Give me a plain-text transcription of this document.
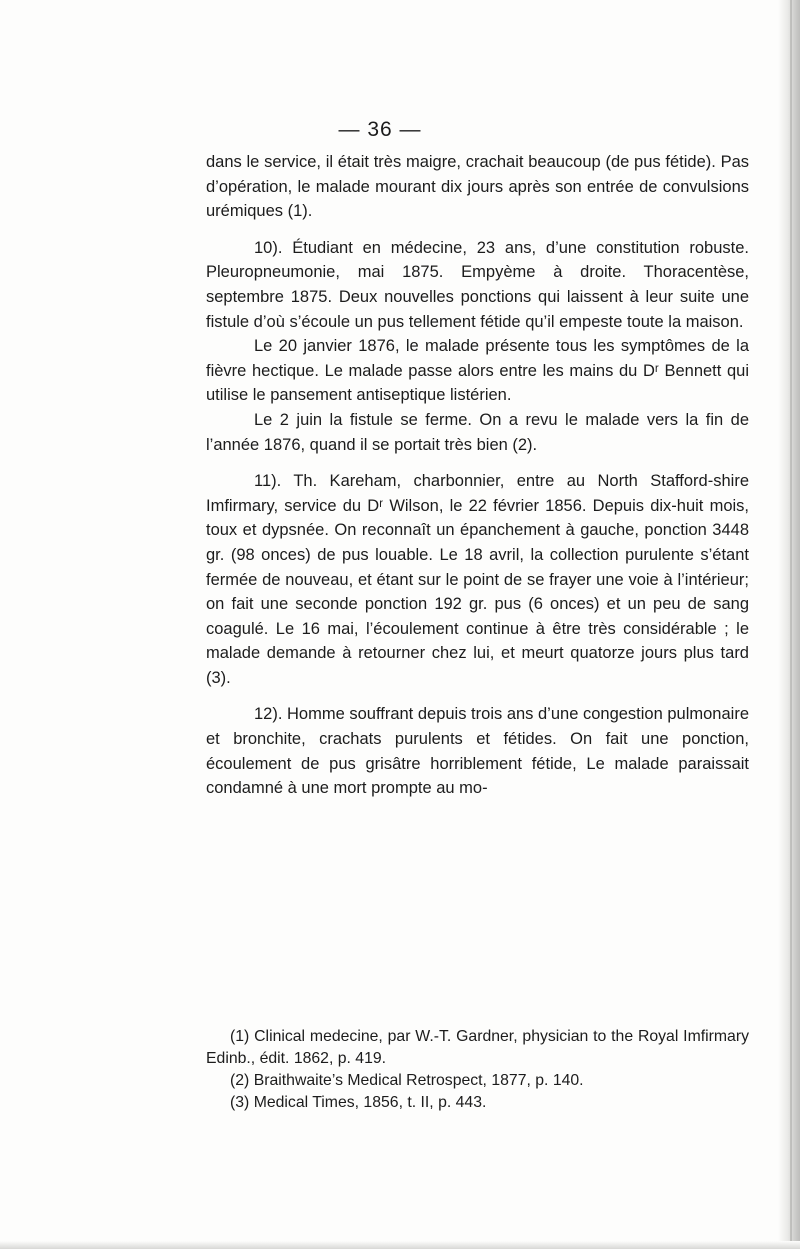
— 36 —

dans le service, il était très maigre, crachait beaucoup (de pus fétide). Pas d’opération, le malade mourant dix jours après son entrée de convulsions urémiques (1).

10). Étudiant en médecine, 23 ans, d’une constitution robuste. Pleuropneumonie, mai 1875. Empyème à droite. Thoracentèse, septembre 1875. Deux nouvelles ponctions qui laissent à leur suite une fistule d’où s’écoule un pus tellement fétide qu’il empeste toute la maison.

Le 20 janvier 1876, le malade présente tous les symptômes de la fièvre hectique. Le malade passe alors entre les mains du Dʳ Bennett qui utilise le pansement antiseptique listérien.

Le 2 juin la fistule se ferme. On a revu le malade vers la fin de l’année 1876, quand il se portait très bien (2).

11). Th. Kareham, charbonnier, entre au North Stafford-shire Imfirmary, service du Dʳ Wilson, le 22 février 1856. Depuis dix-huit mois, toux et dypsnée. On reconnaît un épanchement à gauche, ponction 3448 gr. (98 onces) de pus louable. Le 18 avril, la collection purulente s’étant fermée de nouveau, et étant sur le point de se frayer une voie à l’intérieur; on fait une seconde ponction 192 gr. pus (6 onces) et un peu de sang coagulé. Le 16 mai, l’écoulement continue à être très considérable ; le malade demande à retourner chez lui, et meurt quatorze jours plus tard (3).

12). Homme souffrant depuis trois ans d’une congestion pulmonaire et bronchite, crachats purulents et fétides. On fait une ponction, écoulement de pus grisâtre horriblement fétide, Le malade paraissait condamné à une mort prompte au mo-

(1) Clinical medecine, par W.-T. Gardner, physician to the Royal Imfirmary Edinb., édit. 1862, p. 419.

(2) Braithwaite’s Medical Retrospect, 1877, p. 140.

(3) Medical Times, 1856, t. II, p. 443.
